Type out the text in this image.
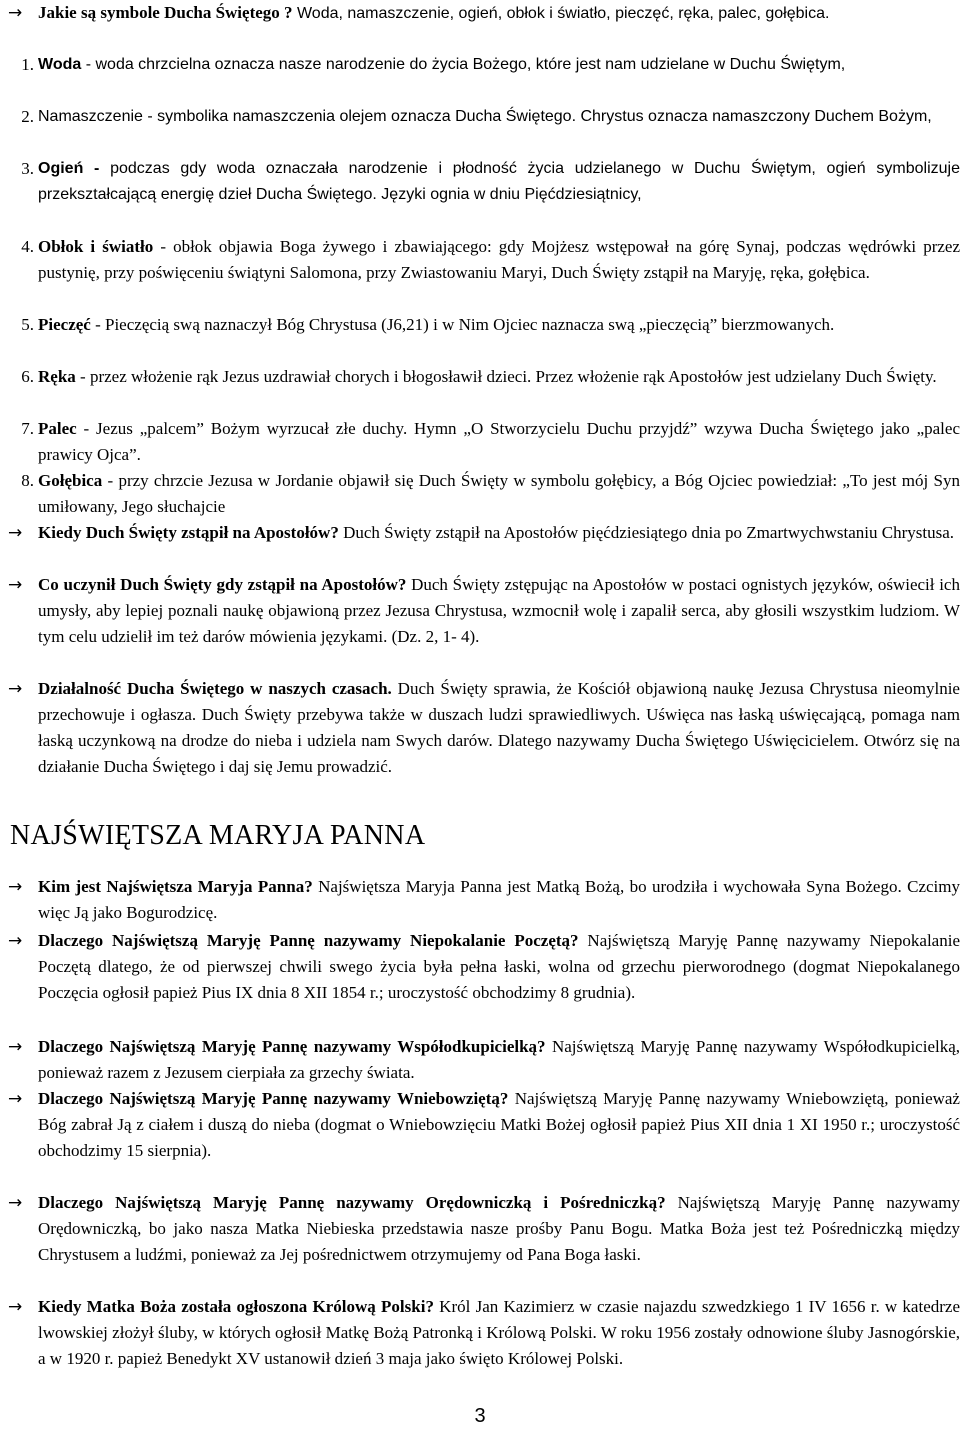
→ Jakie są symbole Ducha Świętego ? Woda, namaszczenie, ogień, obłok i światło, pieczęć, ręka, palec, gołębica.
1. Woda - woda chrzcielna oznacza nasze narodzenie do życia Bożego, które jest nam udzielane w Duchu Świętym,
2. Namaszczenie - symbolika namaszczenia olejem oznacza Ducha Świętego. Chrystus oznacza namaszczony Duchem Bożym,
3. Ogień - podczas gdy woda oznaczała narodzenie i płodność życia udzielanego w Duchu Świętym, ogień symbolizuje przekształcającą energię dzieł Ducha Świętego. Języki ognia w dniu Pięćdziesiątnicy,
4. Obłok i światło - obłok objawia Boga żywego i zbawiającego: gdy Mojżesz wstępował na górę Synaj, podczas wędrówki przez pustynię, przy poświęceniu świątyni Salomona, przy Zwiastowaniu Maryi, Duch Święty zstąpił na Maryję, ręka, gołębica.
5. Pieczęć - Pieczęcią swą naznaczył Bóg Chrystusa (J6,21) i w Nim Ojciec naznacza swą „pieczęcią” bierzmowanych.
6. Ręka - przez włożenie rąk Jezus uzdrawiał chorych i błogosławił dzieci. Przez włożenie rąk Apostołów jest udzielany Duch Święty.
7. Palec - Jezus „palcem” Bożym wyrzucał złe duchy. Hymn „O Stworzycielu Duchu przyjdź” wzywa Ducha Świętego jako „palec prawicy Ojca”.
8. Gołębica - przy chrzcie Jezusa w Jordanie objawił się Duch Święty w symbolu gołębicy, a Bóg Ojciec powiedział: „To jest mój Syn umiłowany, Jego słuchajcie
→ Kiedy Duch Święty zstąpił na Apostołów? Duch Święty zstąpił na Apostołów pięćdziesiątego dnia po Zmartwychwstaniu Chrystusa.
→ Co uczynił Duch Święty gdy zstąpił na Apostołów? Duch Święty zstępując na Apostołów w postaci ognistych języków, oświecił ich umysły, aby lepiej poznali naukę objawioną przez Jezusa Chrystusa, wzmocnił wolę i zapalił serca, aby głosili wszystkim ludziom. W tym celu udzielił im też darów mówienia językami. (Dz. 2, 1- 4).
→ Działalność Ducha Świętego w naszych czasach. Duch Święty sprawia, że Kościół objawioną naukę Jezusa Chrystusa nieomylnie przechowuje i ogłasza. Duch Święty przebywa także w duszach ludzi sprawiedliwych. Uświęca nas łaską uświęcającą, pomaga nam łaską uczynkową na drodze do nieba i udziela nam Swych darów. Dlatego nazywamy Ducha Świętego Uświęcicielem. Otwórz się na działanie Ducha Świętego i daj się Jemu prowadzić.
NAJŚWIĘTSZA MARYJA PANNA
→ Kim jest Najświętsza Maryja Panna? Najświętsza Maryja Panna jest Matką Bożą, bo urodziła i wychowała Syna Bożego. Czcimy więc Ją jako Bogurodzicę.
→ Dlaczego Najświętszą Maryję Pannę nazywamy Niepokalanie Poczętą? Najświętszą Maryję Pannę nazywamy Niepokalanie Poczętą dlatego, że od pierwszej chwili swego życia była pełna łaski, wolna od grzechu pierworodnego (dogmat Niepokalanego Poczęcia ogłosił papież Pius IX dnia 8 XII 1854 r.; uroczystość obchodzimy 8 grudnia).
→ Dlaczego Najświętszą Maryję Pannę nazywamy Współodkupicielką? Najświętszą Maryję Pannę nazywamy Współodkupicielką, ponieważ razem z Jezusem cierpiała za grzechy świata.
→ Dlaczego Najświętszą Maryję Pannę nazywamy Wniebowziętą? Najświętszą Maryję Pannę nazywamy Wniebowziętą, ponieważ Bóg zabrał Ją z ciałem i duszą do nieba (dogmat o Wniebowzięciu Matki Bożej ogłosił papież Pius XII dnia 1 XI 1950 r.; uroczystość obchodzimy 15 sierpnia).
→ Dlaczego Najświętszą Maryję Pannę nazywamy Orędowniczką i Pośredniczką? Najświętszą Maryję Pannę nazywamy Orędowniczką, bo jako nasza Matka Niebieska przedstawia nasze prośby Panu Bogu. Matka Boża jest też Pośredniczką między Chrystusem a ludźmi, ponieważ za Jej pośrednictwem otrzymujemy od Pana Boga łaski.
→ Kiedy Matka Boża została ogłoszona Królową Polski? Król Jan Kazimierz w czasie najazdu szwedzkiego 1 IV 1656 r. w katedrze lwowskiej złożył śluby, w których ogłosił Matkę Bożą Patronką i Królową Polski. W roku 1956 zostały odnowione śluby Jasnogórskie, a w 1920 r. papież Benedykt XV ustanowił dzień 3 maja jako święto Królowej Polski.
3
